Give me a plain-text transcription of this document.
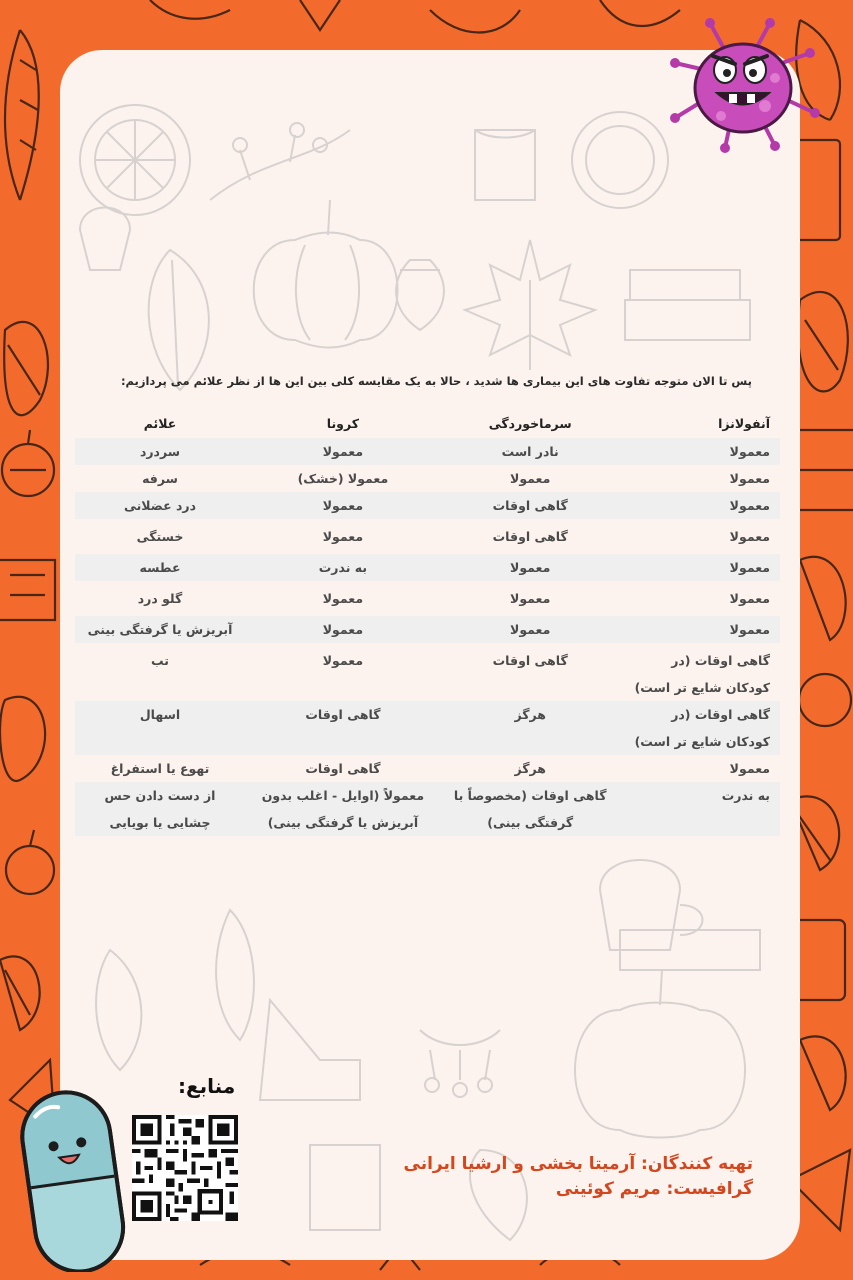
پس تا الان متوجه تفاوت های این بیماری ها شدید ، حالا به یک مقایسه کلی بین این ها از نظر علائم می پردازیم:
آنفولانزا	سرماخوردگی	کرونا	علائم
معمولا	نادر است	معمولا	سردرد
معمولا	معمولا	معمولا (خشک)	سرفه
معمولا	گاهی اوقات	معمولا	درد عضلانی

معمولا	گاهی اوقات	معمولا	خستگی

معمولا	معمولا	به ندرت	عطسه

معمولا	معمولا	معمولا	گلو درد

معمولا	معمولا	معمولا	آبریزش یا گرفتگی بینی

گاهی اوقات (در کودکان شایع تر است)	گاهی اوقات	معمولا	تب
گاهی اوقات (در کودکان شایع تر است)	هرگز	گاهی اوقات	اسهال
معمولا	هرگز	گاهی اوقات	تهوع یا استفراغ
به ندرت	گاهی اوقات (مخصوصاً با گرفتگی بینی)	معمولاً (اوایل - اغلب بدون آبریزش یا گرفتگی بینی)	از دست دادن حس چشایی یا بویایی
منابع:
تهیه کنندگان: آرمیتا بخشی و ارشیا ایرانی
گرافیست: مریم کوئینی
